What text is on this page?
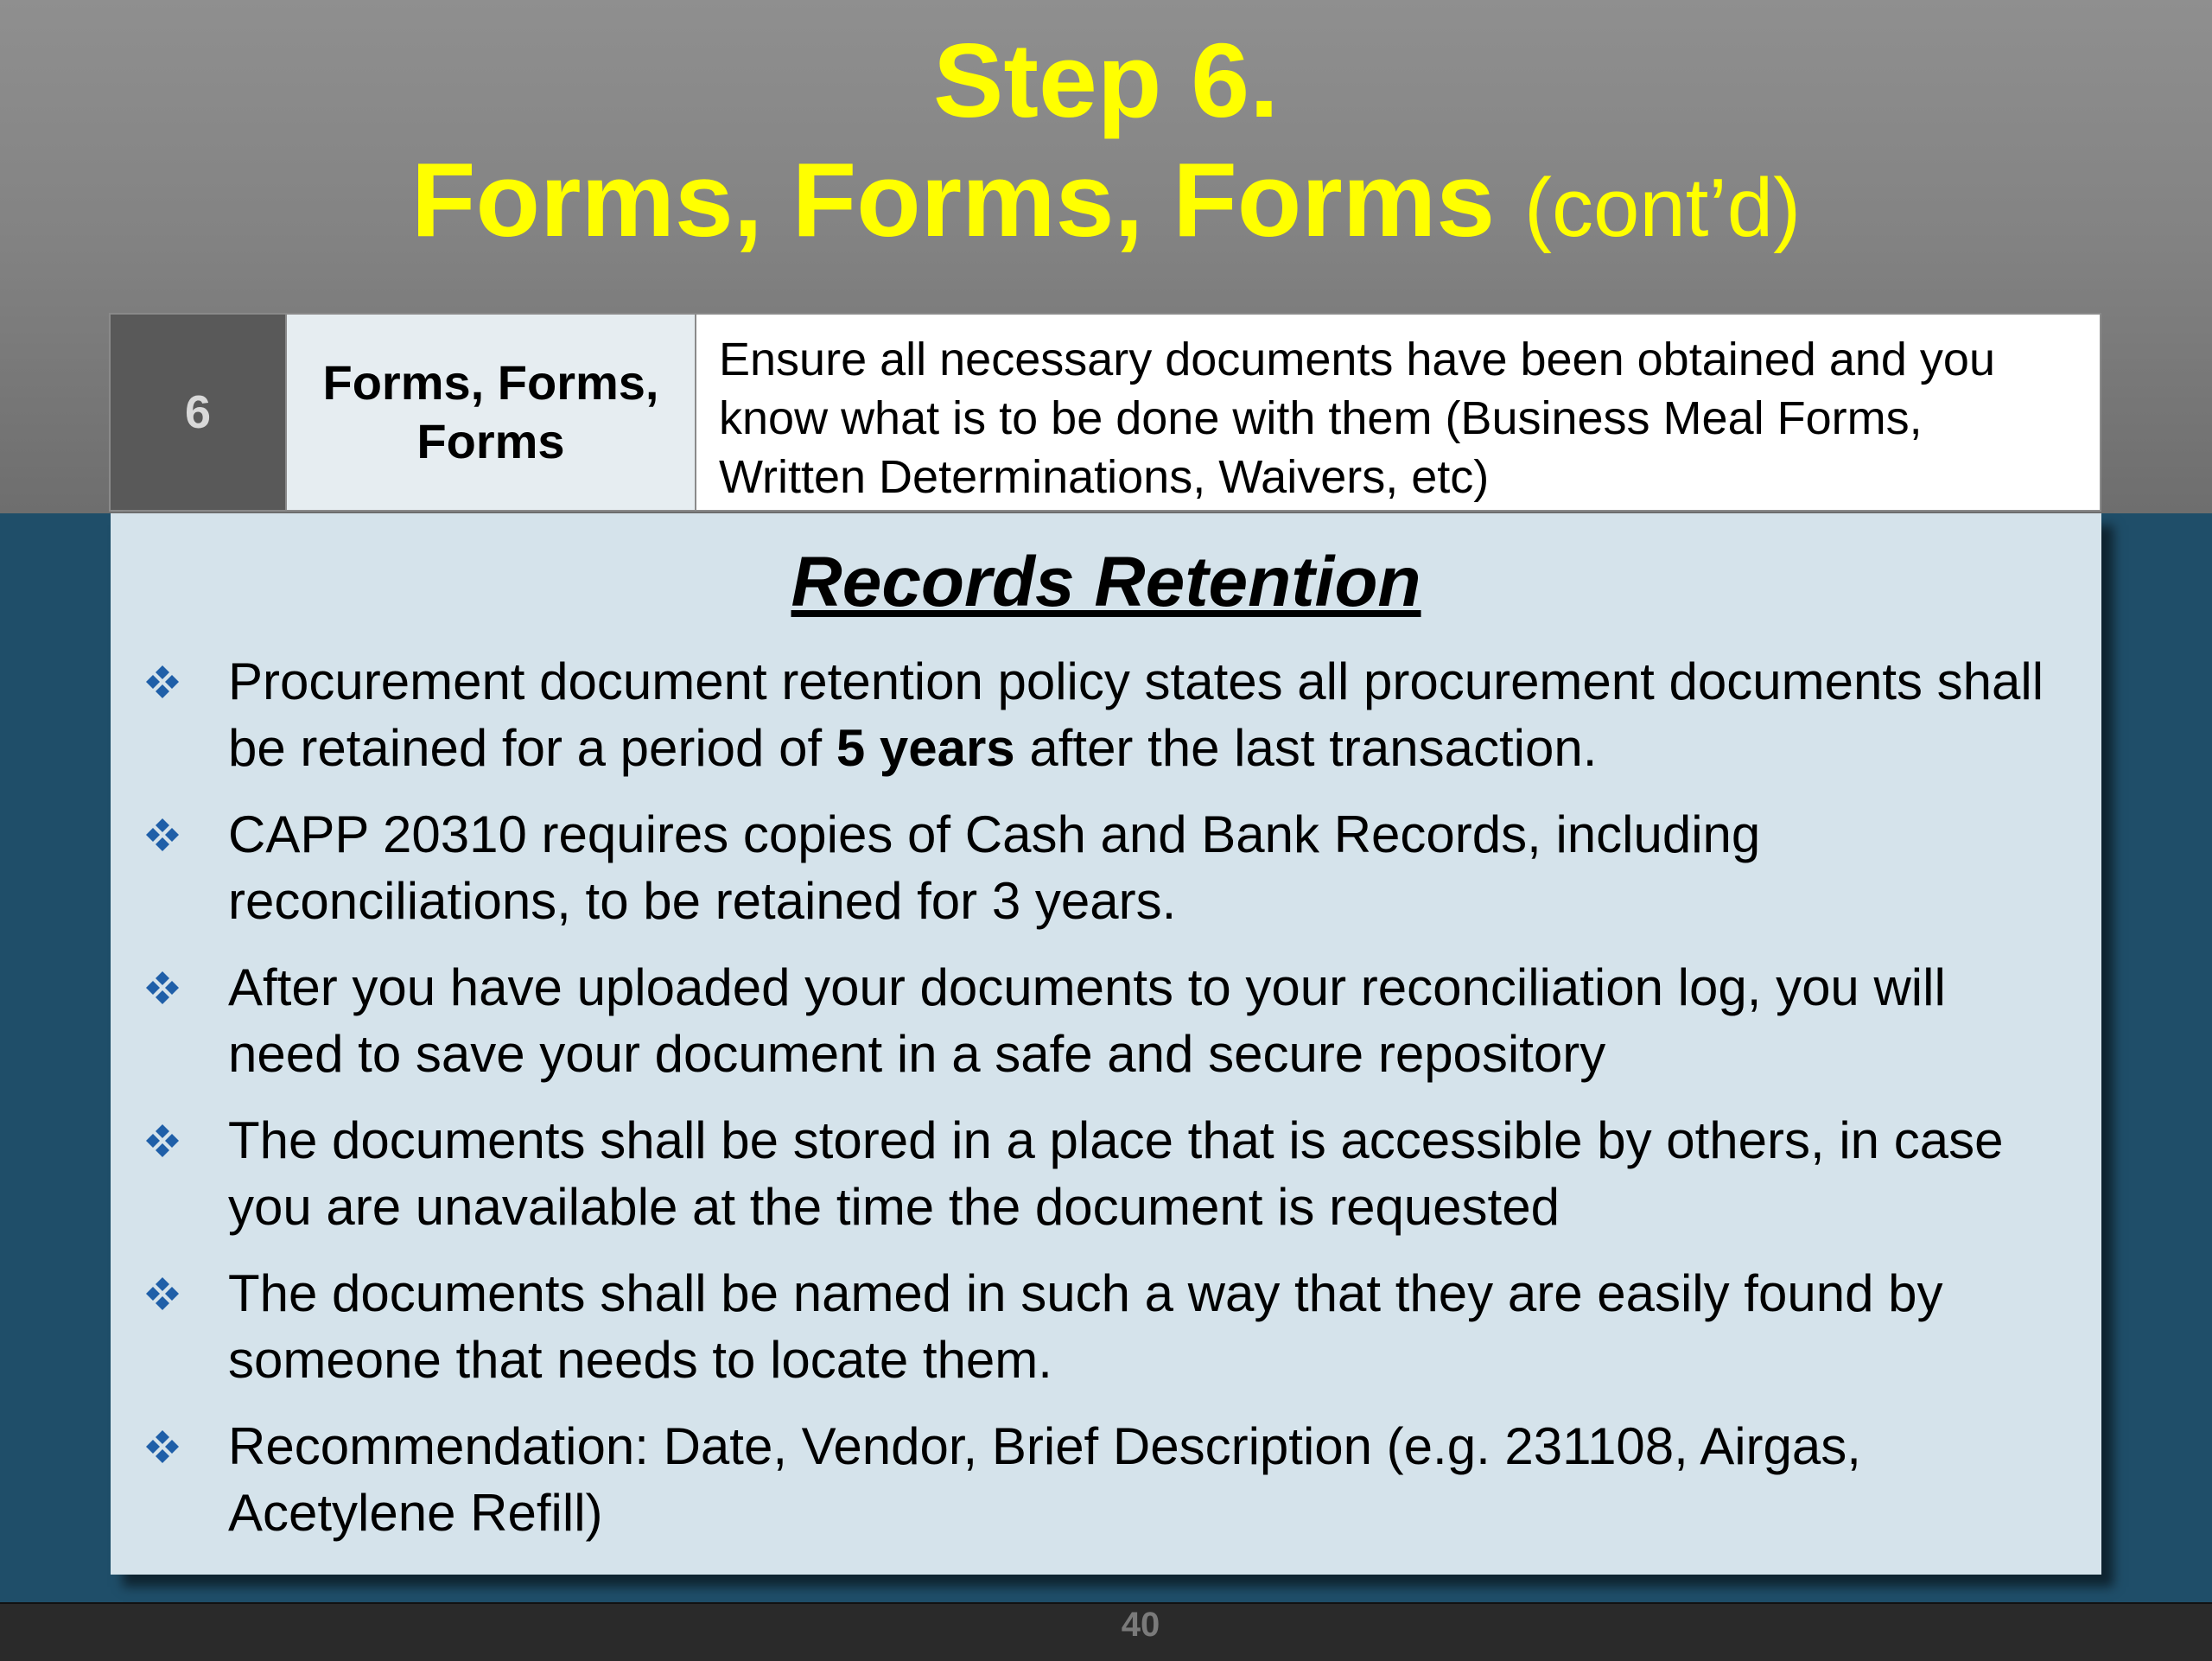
Step 6.
Forms, Forms, Forms (cont’d)
6
Forms, Forms, Forms
Ensure all necessary documents have been obtained and you know what is to be done with them (Business Meal Forms, Written Determinations, Waivers, etc)
Records Retention
Procurement document retention policy states all procurement documents shall be retained for a period of 5 years after the last transaction.
CAPP 20310 requires copies of Cash and Bank Records, including reconciliations, to be retained for 3 years.
After you have uploaded your documents to your reconciliation log, you will need to save your document in a safe and secure repository
The documents shall be stored in a place that is accessible by others, in case you are unavailable at the time the document is requested
The documents shall be named in such a way that they are easily found by someone that needs to locate them.
Recommendation: Date, Vendor, Brief Description (e.g. 231108, Airgas, Acetylene Refill)
40
